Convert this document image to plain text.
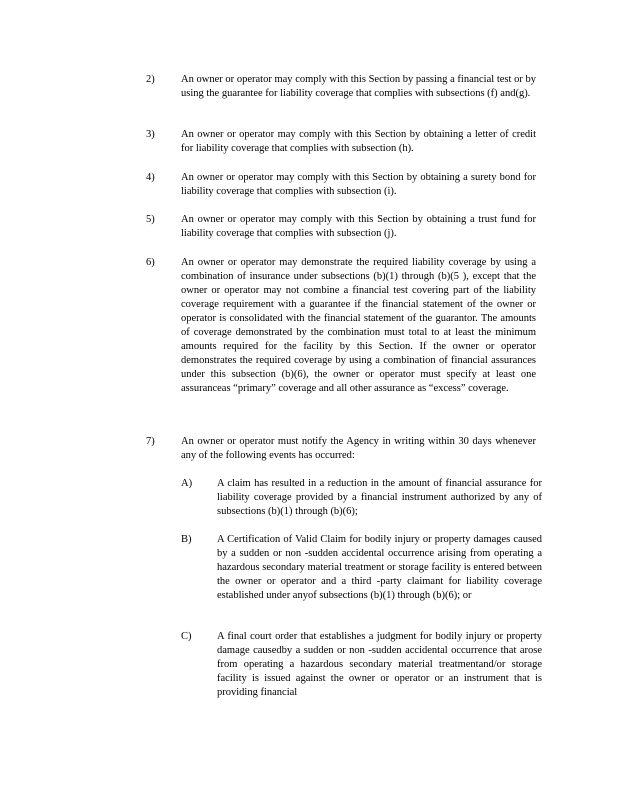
2)	An owner or operator may comply with this Section by passing a financial test or by using the guarantee for liability coverage that complies with subsections (f) and(g).
3)	An owner or operator may comply with this Section by obtaining a letter of credit for liability coverage that complies with subsection (h).
4)	An owner or operator may comply with this Section by obtaining a surety bond for liability coverage that complies with subsection (i).
5)	An owner or operator may comply with this Section by obtaining a trust fund for liability coverage that complies with subsection (j).
6)	An owner or operator may demonstrate the required liability coverage by using a combination of insurance under subsections (b)(1) through (b)(5 ), except that the owner or operator may not combine a financial test covering part of the liability coverage requirement with a guarantee if the financial statement of the owner or operator is consolidated with the financial statement of the guarantor. The amounts of coverage demonstrated by the combination must total to at least the minimum amounts required for the facility by this Section. If the owner or operator demonstrates the required coverage by using a combination of financial assurances under this subsection (b)(6), the owner or operator must specify at least one assuranceas “primary” coverage and all other assurance as “excess” coverage.
7)	An owner or operator must notify the Agency in writing within 30 days whenever any of the following events has occurred:
A) A claim has resulted in a reduction in the amount of financial assurance for liability coverage provided by a financial instrument authorized by any of subsections (b)(1) through (b)(6);
B) A Certification of Valid Claim for bodily injury or property damages caused by a sudden or non -sudden accidental occurrence arising from operating a hazardous secondary material treatment or storage facility is entered between the owner or operator and a third -party claimant for liability coverage established under anyof subsections (b)(1) through (b)(6); or
C) A final court order that establishes a judgment for bodily injury or property damage causedby a sudden or non -sudden accidental occurrence that arose from operating a hazardous secondary material treatmentand/or storage facility is issued against the owner or operator or an instrument that is providing financial
